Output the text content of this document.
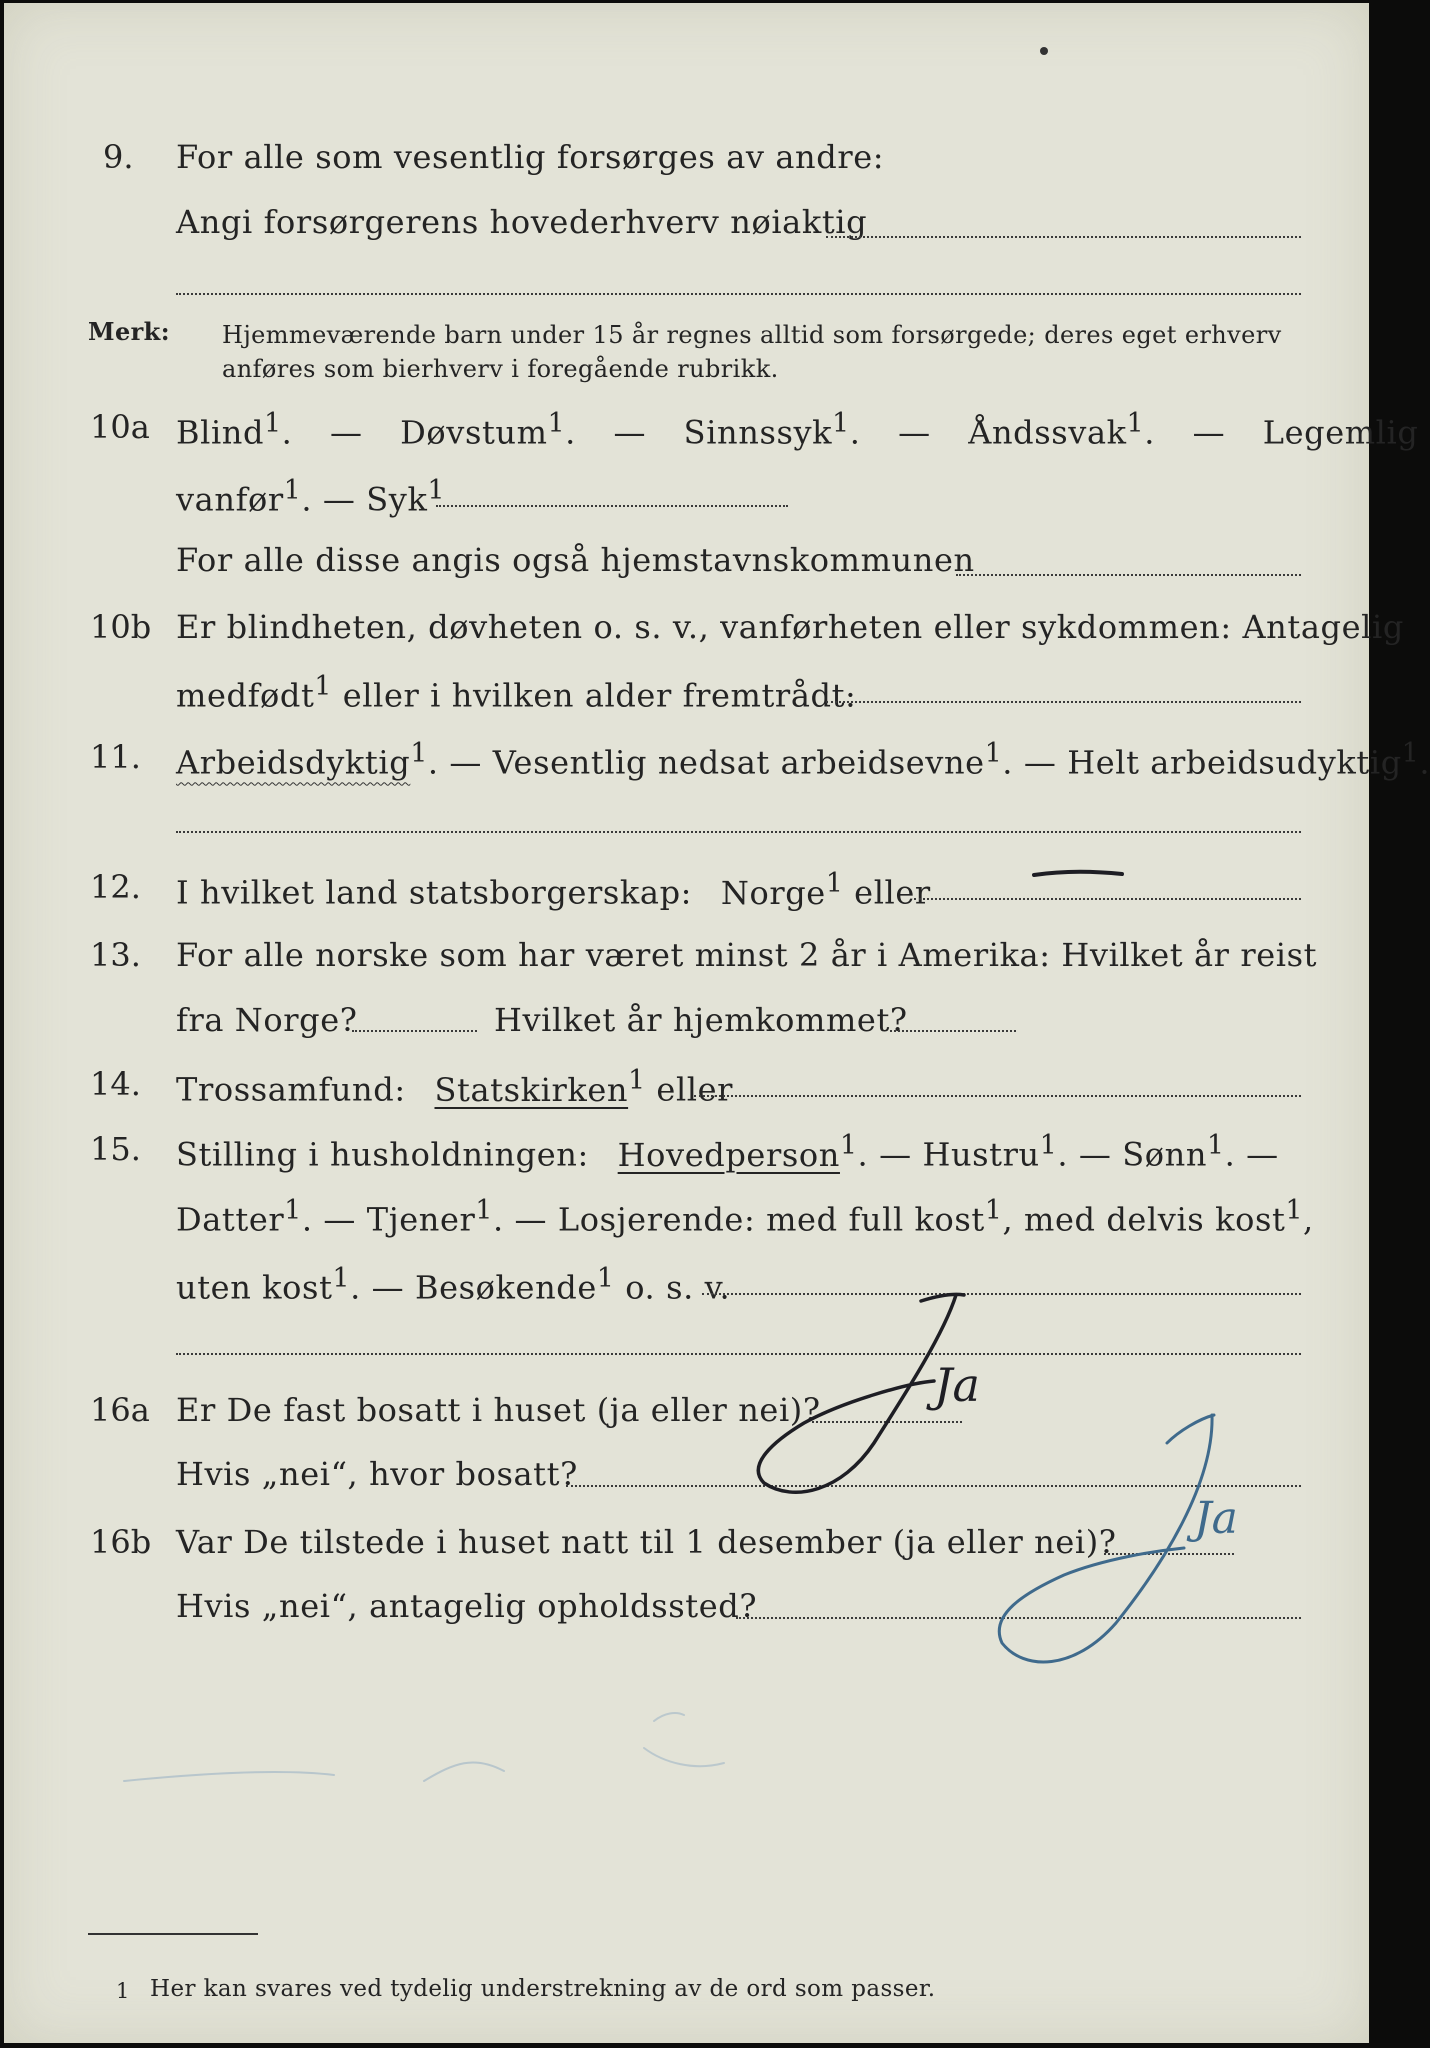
9. For alle som vesentlig forsørges av andre:
Angi forsørgerens hovederhverv nøiaktig
Merk: Hjemmeværende barn under 15 år regnes alltid som forsørgede; deres eget erhverv
anføres som bierhverv i foregående rubrikk.
10a Blind$^1$. — Døvstum$^1$. — Sinnssyk$^1$. — Åndssvak$^1$. — Legemlig
vanfør$^1$. — Syk$^1$
For alle disse angis også hjemstavnskommunen
10b Er blindheten, døvheten o. s. v., vanførheten eller sykdommen: Antagelig
medfødt$^1$ eller i hvilken alder fremtrådt:
11. Arbeidsdyktig$^1$. — Vesentlig nedsat arbeidsevne$^1$. — Helt arbeidsudyktig$^1$.
12. I hvilket land statsborgerskap: Norge$^1$ eller
13. For alle norske som har været minst 2 år i Amerika: Hvilket år reist
fra Norge?	Hvilket år hjemkommet?
14. Trossamfund: Statskirken$^1$ eller
15. Stilling i husholdningen: Hovedperson$^1$. — Hustru$^1$. — Sønn$^1$. —
Datter$^1$. — Tjener$^1$. — Losjerende: med full kost$^1$, med delvis kost$^1$,
uten kost$^1$. — Besøkende$^1$ o. s. v.
16a Er De fast bosatt i huset (ja eller nei)?
Hvis „nei“, hvor bosatt?
16b Var De tilstede i huset natt til 1 desember (ja eller nei)?
Hvis „nei“, antagelig opholdssted?
Ja
Ja
1 Her kan svares ved tydelig understrekning av de ord som passer.
